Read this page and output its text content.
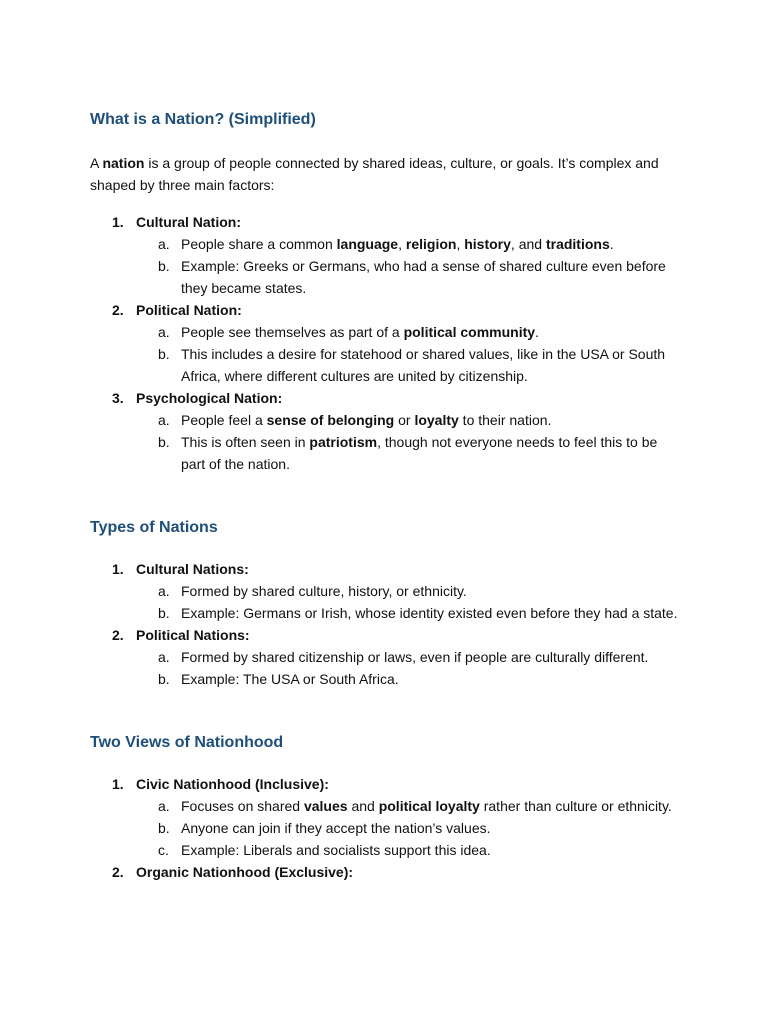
What is a Nation? (Simplified)

A nation is a group of people connected by shared ideas, culture, or goals. It’s complex and shaped by three main factors:

1. Cultural Nation:
a. People share a common language, religion, history, and traditions.
b. Example: Greeks or Germans, who had a sense of shared culture even before they became states.
2. Political Nation:
a. People see themselves as part of a political community.
b. This includes a desire for statehood or shared values, like in the USA or South Africa, where different cultures are united by citizenship.
3. Psychological Nation:
a. People feel a sense of belonging or loyalty to their nation.
b. This is often seen in patriotism, though not everyone needs to feel this to be part of the nation.
Types of Nations
1. Cultural Nations:
a. Formed by shared culture, history, or ethnicity.
b. Example: Germans or Irish, whose identity existed even before they had a state.
2. Political Nations:
a. Formed by shared citizenship or laws, even if people are culturally different.
b. Example: The USA or South Africa.
Two Views of Nationhood
1. Civic Nationhood (Inclusive):
a. Focuses on shared values and political loyalty rather than culture or ethnicity.
b. Anyone can join if they accept the nation’s values.
c. Example: Liberals and socialists support this idea.
2. Organic Nationhood (Exclusive):
